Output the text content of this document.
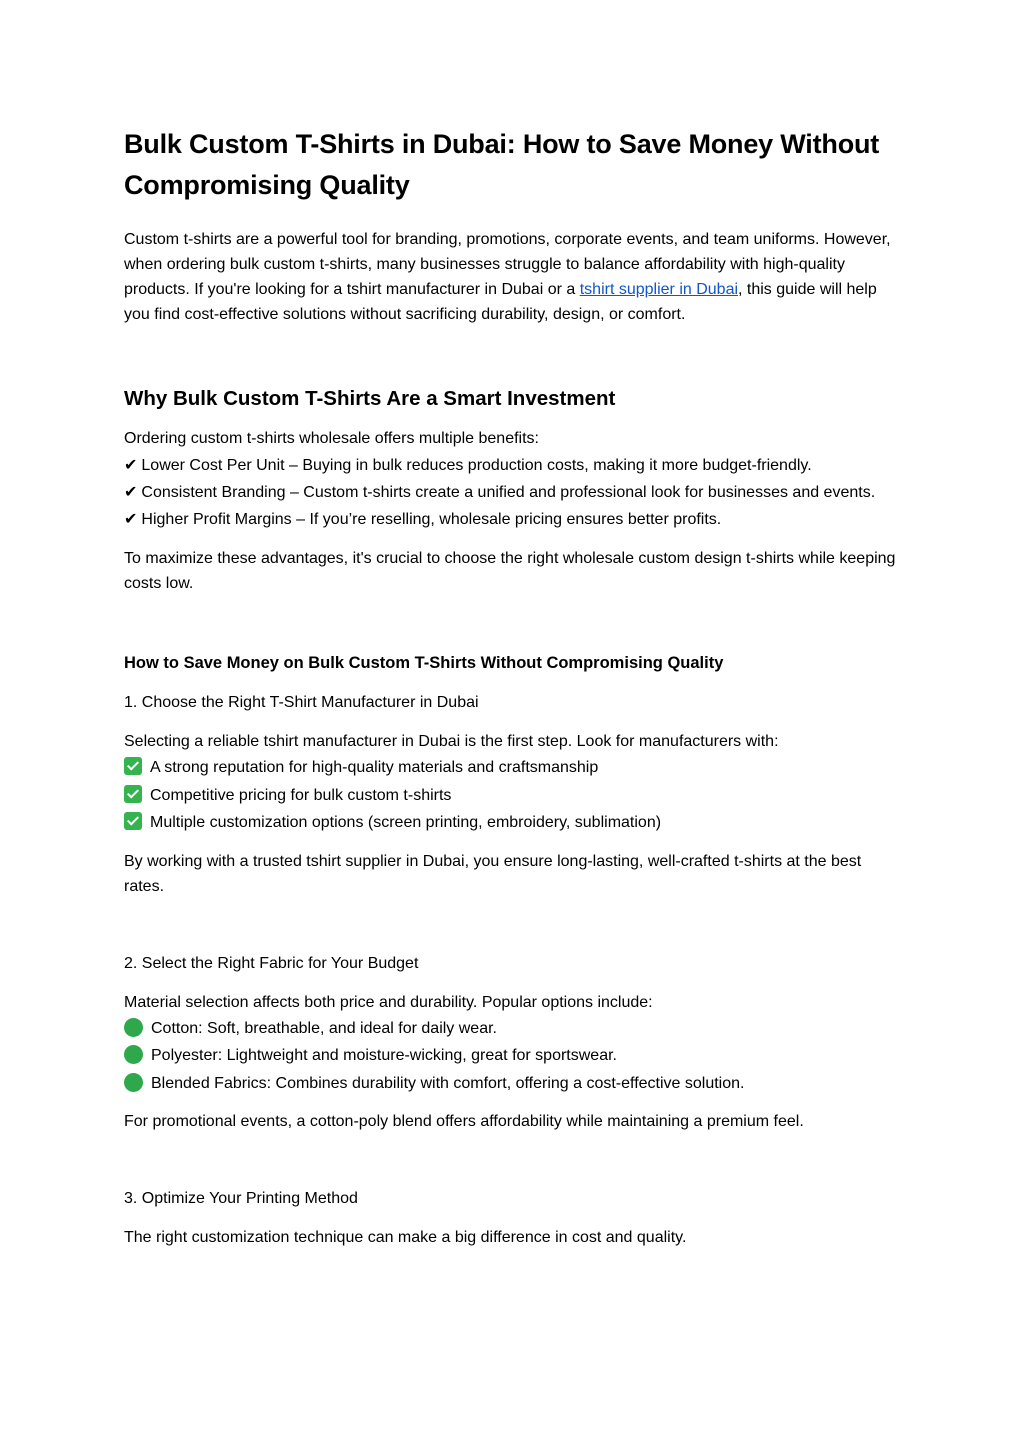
Bulk Custom T-Shirts in Dubai: How to Save Money Without Compromising Quality

Custom t-shirts are a powerful tool for branding, promotions, corporate events, and team uniforms. However, when ordering bulk custom t-shirts, many businesses struggle to balance affordability with high-quality products. If you're looking for a tshirt manufacturer in Dubai or a tshirt supplier in Dubai, this guide will help you find cost-effective solutions without sacrificing durability, design, or comfort.

Why Bulk Custom T-Shirts Are a Smart Investment

Ordering custom t-shirts wholesale offers multiple benefits:

✔ Lower Cost Per Unit – Buying in bulk reduces production costs, making it more budget-friendly.

✔ Consistent Branding – Custom t-shirts create a unified and professional look for businesses and events.

✔ Higher Profit Margins – If you’re reselling, wholesale pricing ensures better profits.

To maximize these advantages, it's crucial to choose the right wholesale custom design t-shirts while keeping costs low.

How to Save Money on Bulk Custom T-Shirts Without Compromising Quality

1. Choose the Right T-Shirt Manufacturer in Dubai

Selecting a reliable tshirt manufacturer in Dubai is the first step. Look for manufacturers with:

A strong reputation for high-quality materials and craftsmanship
Competitive pricing for bulk custom t-shirts
Multiple customization options (screen printing, embroidery, sublimation)

By working with a trusted tshirt supplier in Dubai, you ensure long-lasting, well-crafted t-shirts at the best rates.

2. Select the Right Fabric for Your Budget

Material selection affects both price and durability. Popular options include:

Cotton: Soft, breathable, and ideal for daily wear.
Polyester: Lightweight and moisture-wicking, great for sportswear.
Blended Fabrics: Combines durability with comfort, offering a cost-effective solution.

For promotional events, a cotton-poly blend offers affordability while maintaining a premium feel.

3. Optimize Your Printing Method

The right customization technique can make a big difference in cost and quality.
